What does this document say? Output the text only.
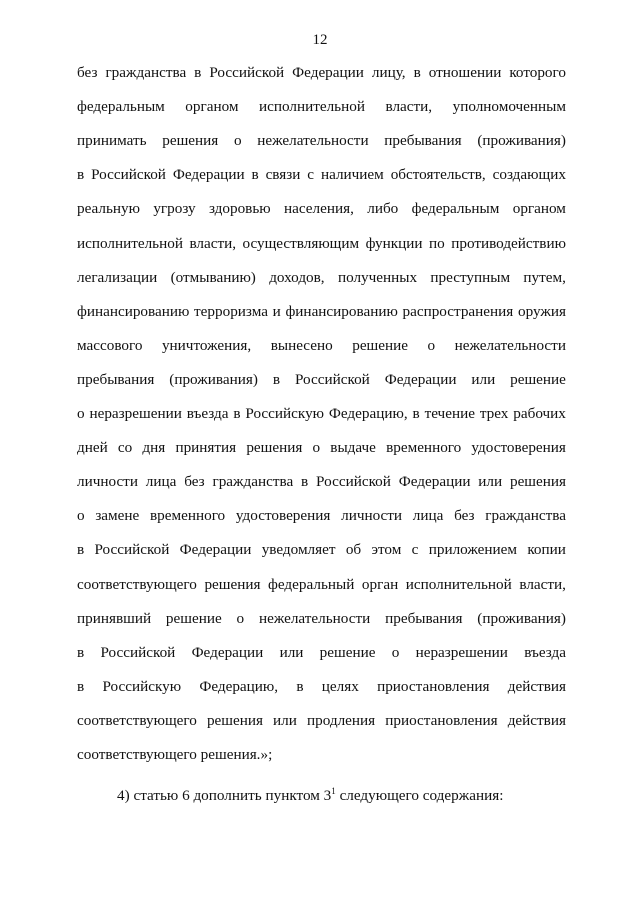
12
без гражданства в Российской Федерации лицу, в отношении которого
федеральным органом исполнительной власти, уполномоченным
принимать решения о нежелательности пребывания (проживания)
в Российской Федерации в связи с наличием обстоятельств, создающих
реальную угрозу здоровью населения, либо федеральным органом
исполнительной власти, осуществляющим функции по противодействию
легализации (отмыванию) доходов, полученных преступным путем,
финансированию терроризма и финансированию распространения оружия
массового уничтожения, вынесено решение о нежелательности
пребывания (проживания) в Российской Федерации или решение
о неразрешении въезда в Российскую Федерацию, в течение трех рабочих
дней со дня принятия решения о выдаче временного удостоверения
личности лица без гражданства в Российской Федерации или решения
о замене временного удостоверения личности лица без гражданства
в Российской Федерации уведомляет об этом с приложением копии
соответствующего решения федеральный орган исполнительной власти,
принявший решение о нежелательности пребывания (проживания)
в Российской Федерации или решение о неразрешении въезда
в Российскую Федерацию, в целях приостановления действия
соответствующего решения или продления приостановления действия
соответствующего решения.»;
4) статью 6 дополнить пунктом $3^1$ следующего содержания:
